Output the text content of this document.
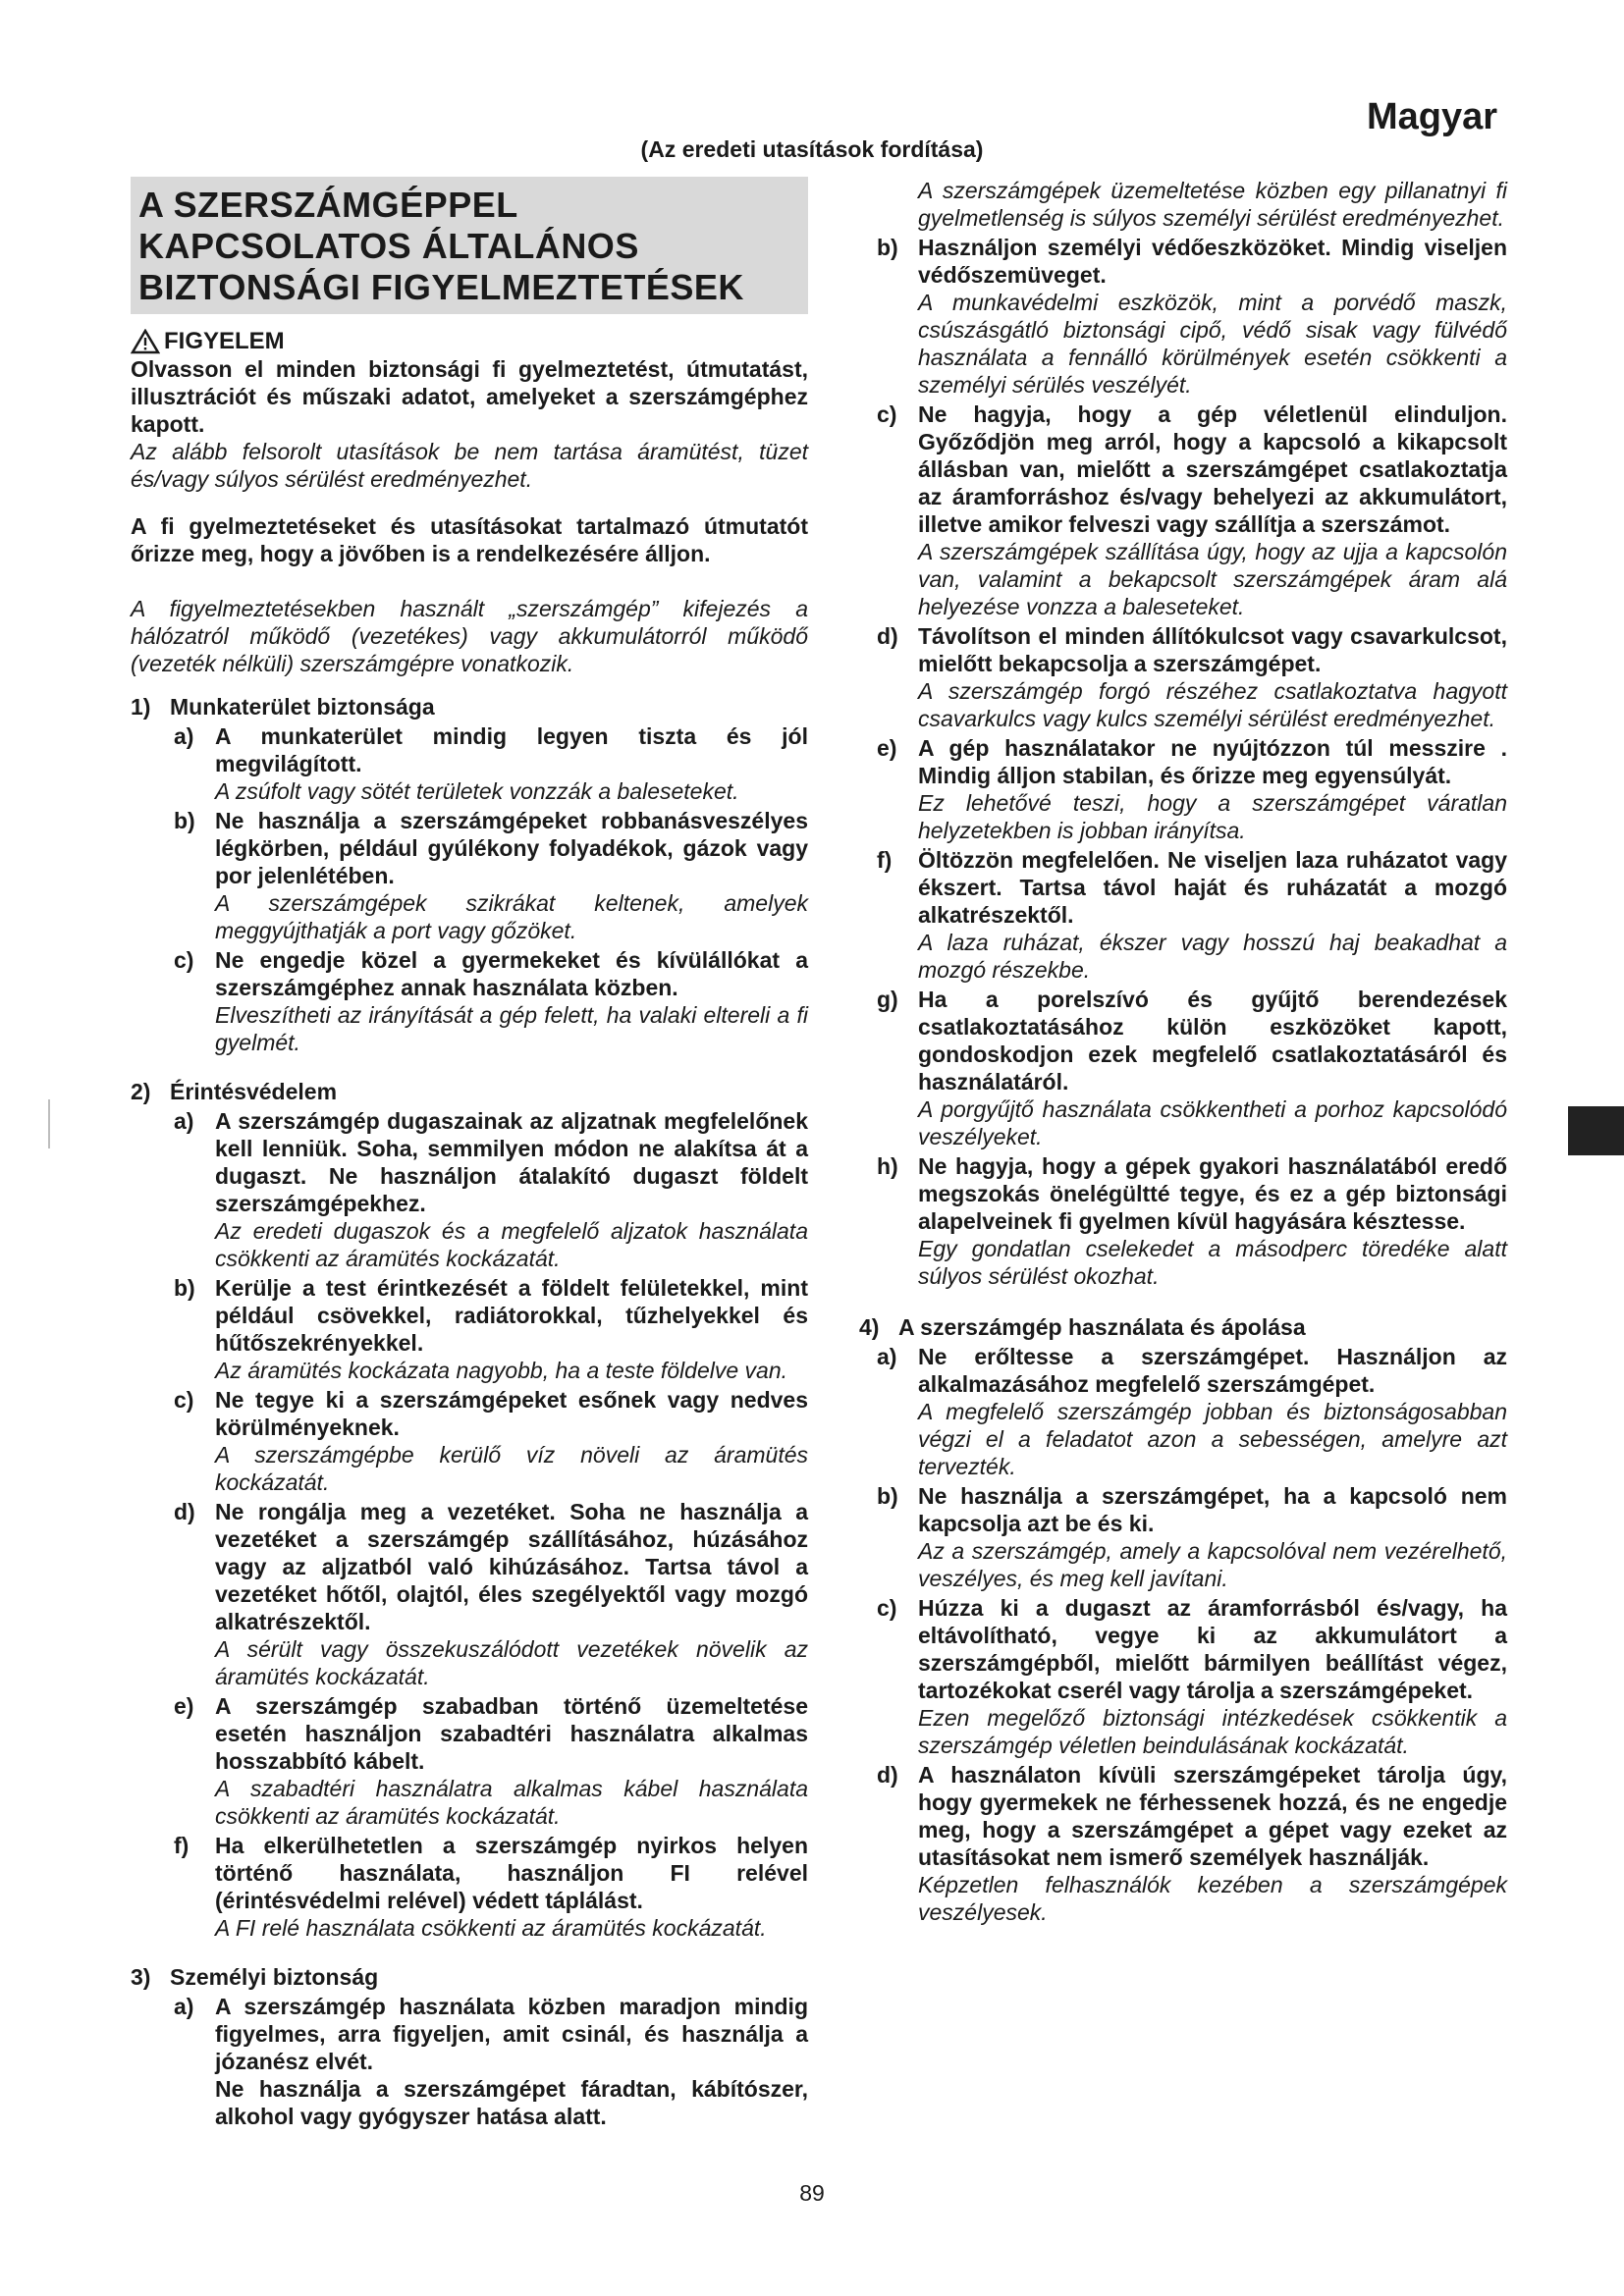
Magyar
(Az eredeti utasítások fordítása)
A SZERSZÁMGÉPPEL
KAPCSOLATOS ÁLTALÁNOS
BIZTONSÁGI FIGYELMEZTETÉSEK
FIGYELEM

Olvasson el minden biztonsági fi gyelmeztetést, útmutatást, illusztrációt és műszaki adatot, amelyeket a szerszámgéphez kapott.

Az alább felsorolt utasítások be nem tartása áramütést, tüzet és/vagy súlyos sérülést eredményezhet.

A fi gyelmeztetéseket és utasításokat tartalmazó útmutatót őrizze meg, hogy a jövőben is a rendelkezésére álljon.

A figyelmeztetésekben használt „szerszámgép” kifejezés a hálózatról működő (vezetékes) vagy akkumulátorról működő (vezeték nélküli) szerszámgépre vonatkozik.

1) Munkaterület biztonsága
a) A munkaterület mindig legyen tiszta és jól megvilágított.

A zsúfolt vagy sötét területek vonzzák a baleseteket.

b) Ne használja a szerszámgépeket robbanásveszélyes légkörben, például gyúlékony folyadékok, gázok vagy por jelenlétében.

A szerszámgépek szikrákat keltenek, amelyek meggyújthatják a port vagy gőzöket.

c) Ne engedje közel a gyermekeket és kívülállókat a szerszámgéphez annak használata közben.

Elveszítheti az irányítását a gép felett, ha valaki eltereli a fi gyelmét.

2) Érintésvédelem
a) A szerszámgép dugaszainak az aljzatnak megfelelőnek kell lenniük. Soha, semmilyen módon ne alakítsa át a dugaszt. Ne használjon átalakító dugaszt földelt szerszámgépekhez.

Az eredeti dugaszok és a megfelelő aljzatok használata csökkenti az áramütés kockázatát.

b) Kerülje a test érintkezését a földelt felületekkel, mint például csövekkel, radiátorokkal, tűzhelyekkel és hűtőszekrényekkel.

Az áramütés kockázata nagyobb, ha a teste földelve van.

c) Ne tegye ki a szerszámgépeket esőnek vagy nedves körülményeknek.

A szerszámgépbe kerülő víz növeli az áramütés kockázatát.

d) Ne rongálja meg a vezetéket. Soha ne használja a vezetéket a szerszámgép szállításához, húzásához vagy az aljzatból való kihúzásához. Tartsa távol a vezetéket hőtől, olajtól, éles szegélyektől vagy mozgó alkatrészektől.

A sérült vagy összekuszálódott vezetékek növelik az áramütés kockázatát.

e) A szerszámgép szabadban történő üzemeltetése esetén használjon szabadtéri használatra alkalmas hosszabbító kábelt.

A szabadtéri használatra alkalmas kábel használata csökkenti az áramütés kockázatát.

f)	Ha elkerülhetetlen a szerszámgép nyirkos helyen történő használata, használjon FI relével (érintésvédelmi relével) védett táplálást.

A FI relé használata csökkenti az áramütés kockázatát.

3) Személyi biztonság
a) A szerszámgép használata közben maradjon mindig figyelmes, arra figyeljen, amit csinál, és használja a józanész elvét.

Ne használja a szerszámgépet fáradtan, kábítószer, alkohol vagy gyógyszer hatása alatt.

A szerszámgépek üzemeltetése közben egy pillanatnyi fi gyelmetlenség is súlyos személyi sérülést eredményezhet.

b) Használjon személyi védőeszközöket. Mindig viseljen védőszemüveget.

A munkavédelmi eszközök, mint a porvédő maszk, csúszásgátló biztonsági cipő, védő sisak vagy fülvédő használata a fennálló körülmények esetén csökkenti a személyi sérülés veszélyét.

c) Ne hagyja, hogy a gép véletlenül elinduljon. Győződjön meg arról, hogy a kapcsoló a kikapcsolt állásban van, mielőtt a szerszámgépet csatlakoztatja az áramforráshoz és/vagy behelyezi az akkumulátort, illetve amikor felveszi vagy szállítja a szerszámot.

A szerszámgépek szállítása úgy, hogy az ujja a kapcsolón van, valamint a bekapcsolt szerszámgépek áram alá helyezése vonzza a baleseteket.

d) Távolítson el minden állítókulcsot vagy csavarkulcsot, mielőtt bekapcsolja a szerszámgépet.

A szerszámgép forgó részéhez csatlakoztatva hagyott csavarkulcs vagy kulcs személyi sérülést eredményezhet.

e) A gép használatakor ne nyújtózzon túl messzire . Mindig álljon stabilan, és őrizze meg egyensúlyát.

Ez lehetővé teszi, hogy a szerszámgépet váratlan helyzetekben is jobban irányítsa.

f)	Öltözzön megfelelően. Ne viseljen laza ruházatot vagy ékszert. Tartsa távol haját és ruházatát a mozgó alkatrészektől.

A laza ruházat, ékszer vagy hosszú haj beakadhat a mozgó részekbe.

g) Ha a porelszívó és gyűjtő berendezések csatlakoztatásához külön eszközöket kapott, gondoskodjon ezek megfelelő csatlakoztatásáról és használatáról.

A porgyűjtő használata csökkentheti a porhoz kapcsolódó veszélyeket.

h) Ne hagyja, hogy a gépek gyakori használatából eredő megszokás önelégültté tegye, és ez a gép biztonsági alapelveinek fi gyelmen kívül hagyására késztesse.

Egy gondatlan cselekedet a másodperc töredéke alatt súlyos sérülést okozhat.

4) A szerszámgép használata és ápolása
a) Ne erőltesse a szerszámgépet. Használjon az alkalmazásához megfelelő szerszámgépet.

A megfelelő szerszámgép jobban és biztonságosabban végzi el a feladatot azon a sebességen, amelyre azt tervezték.

b) Ne használja a szerszámgépet, ha a kapcsoló nem kapcsolja azt be és ki.

Az a szerszámgép, amely a kapcsolóval nem vezérelhető, veszélyes, és meg kell javítani.

c) Húzza ki a dugaszt az áramforrásból és/vagy, ha eltávolítható, vegye ki az akkumulátort a szerszámgépből, mielőtt bármilyen beállítást végez, tartozékokat cserél vagy tárolja a szerszámgépeket.

Ezen megelőző biztonsági intézkedések csökkentik a szerszámgép véletlen beindulásának kockázatát.

d) A használaton kívüli szerszámgépeket tárolja úgy, hogy gyermekek ne férhessenek hozzá, és ne engedje meg, hogy a szerszámgépet a gépet vagy ezeket az utasításokat nem ismerő személyek használják.

Képzetlen felhasználók kezében a szerszámgépek veszélyesek.

89
